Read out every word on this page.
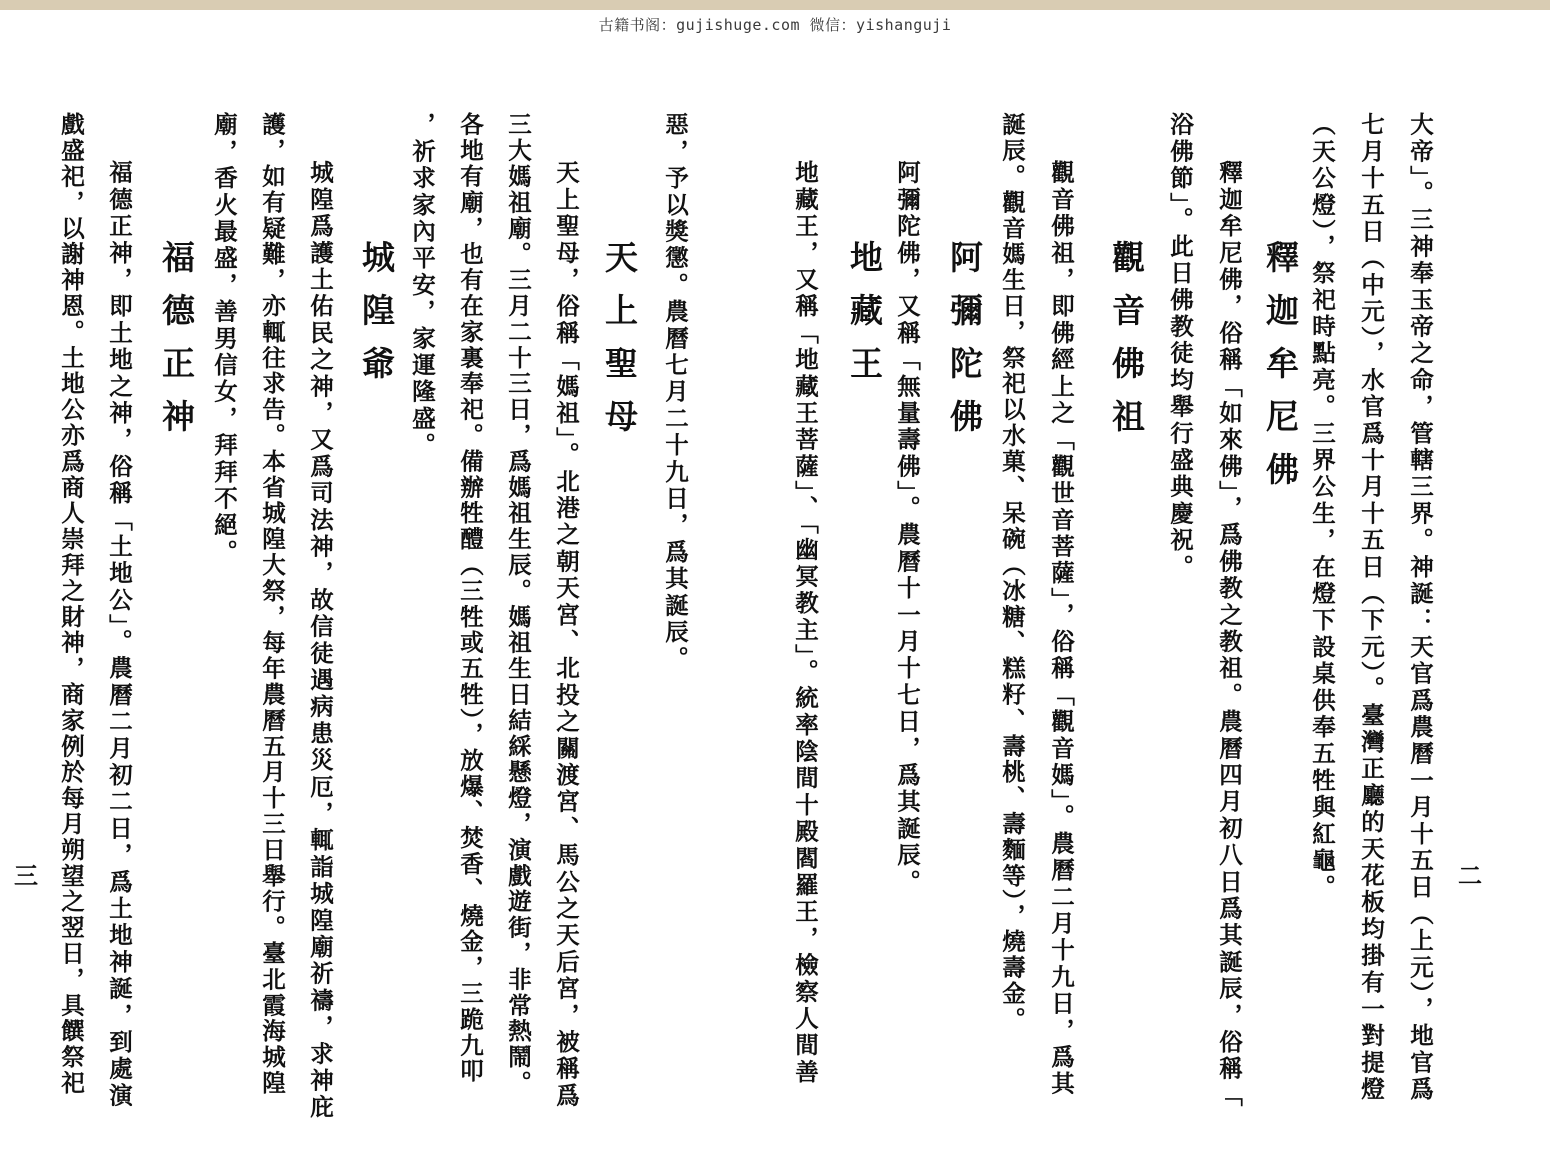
古籍书阁：gujishuge.com 微信：yishanguji
大帝」。三神奉玉帝之命，管轄三界。神誕：天官爲農曆一月十五日（上元），地官爲
七月十五日（中元），水官爲十月十五日（下元）。臺灣正廳的天花板均掛有一對提燈
（天公燈），祭祀時點亮。三界公生，在燈下設桌供奉五牲與紅龜。
釋迦牟尼佛
釋迦牟尼佛，俗稱「如來佛」，爲佛教之教祖。農曆四月初八日爲其誕辰，俗稱「
浴佛節」。此日佛教徒均舉行盛典慶祝。
觀音佛祖
觀音佛祖，即佛經上之「觀世音菩薩」，俗稱「觀音媽」。農曆二月十九日，爲其
誕辰。觀音媽生日，祭祀以水菓、呆碗（冰糖、糕籽、壽桃、壽麵等），燒壽金。
阿彌陀佛
阿彌陀佛，又稱「無量壽佛」。農曆十一月十七日，爲其誕辰。
地藏王
地藏王，又稱「地藏王菩薩」、「幽冥教主」。統率陰間十殿閻羅王，檢察人間善	二
惡，予以獎懲。農曆七月二十九日，爲其誕辰。
天上聖母
天上聖母，俗稱「媽祖」。北港之朝天宮、北投之關渡宮、馬公之天后宮，被稱爲
三大媽祖廟。三月二十三日，爲媽祖生辰。媽祖生日結綵懸燈，演戲遊街，非常熱鬧。
各地有廟，也有在家裏奉祀。備辦牲醴（三牲或五牲），放爆、焚香、燒金，三跪九叩
，祈求家內平安，家運隆盛。
城隍爺
城隍爲護土佑民之神，又爲司法神，故信徒遇病患災厄，輒詣城隍廟祈禱，求神庇
護，如有疑難，亦輒往求告。本省城隍大祭，每年農曆五月十三日舉行。臺北霞海城隍
廟，香火最盛，善男信女，拜拜不絕。
福德正神
福德正神，即土地之神，俗稱「土地公」。農曆二月初二日，爲土地神誕，到處演
戲盛祀，以謝神恩。土地公亦爲商人崇拜之財神，商家例於每月朔望之翌日，具饌祭祀
三
